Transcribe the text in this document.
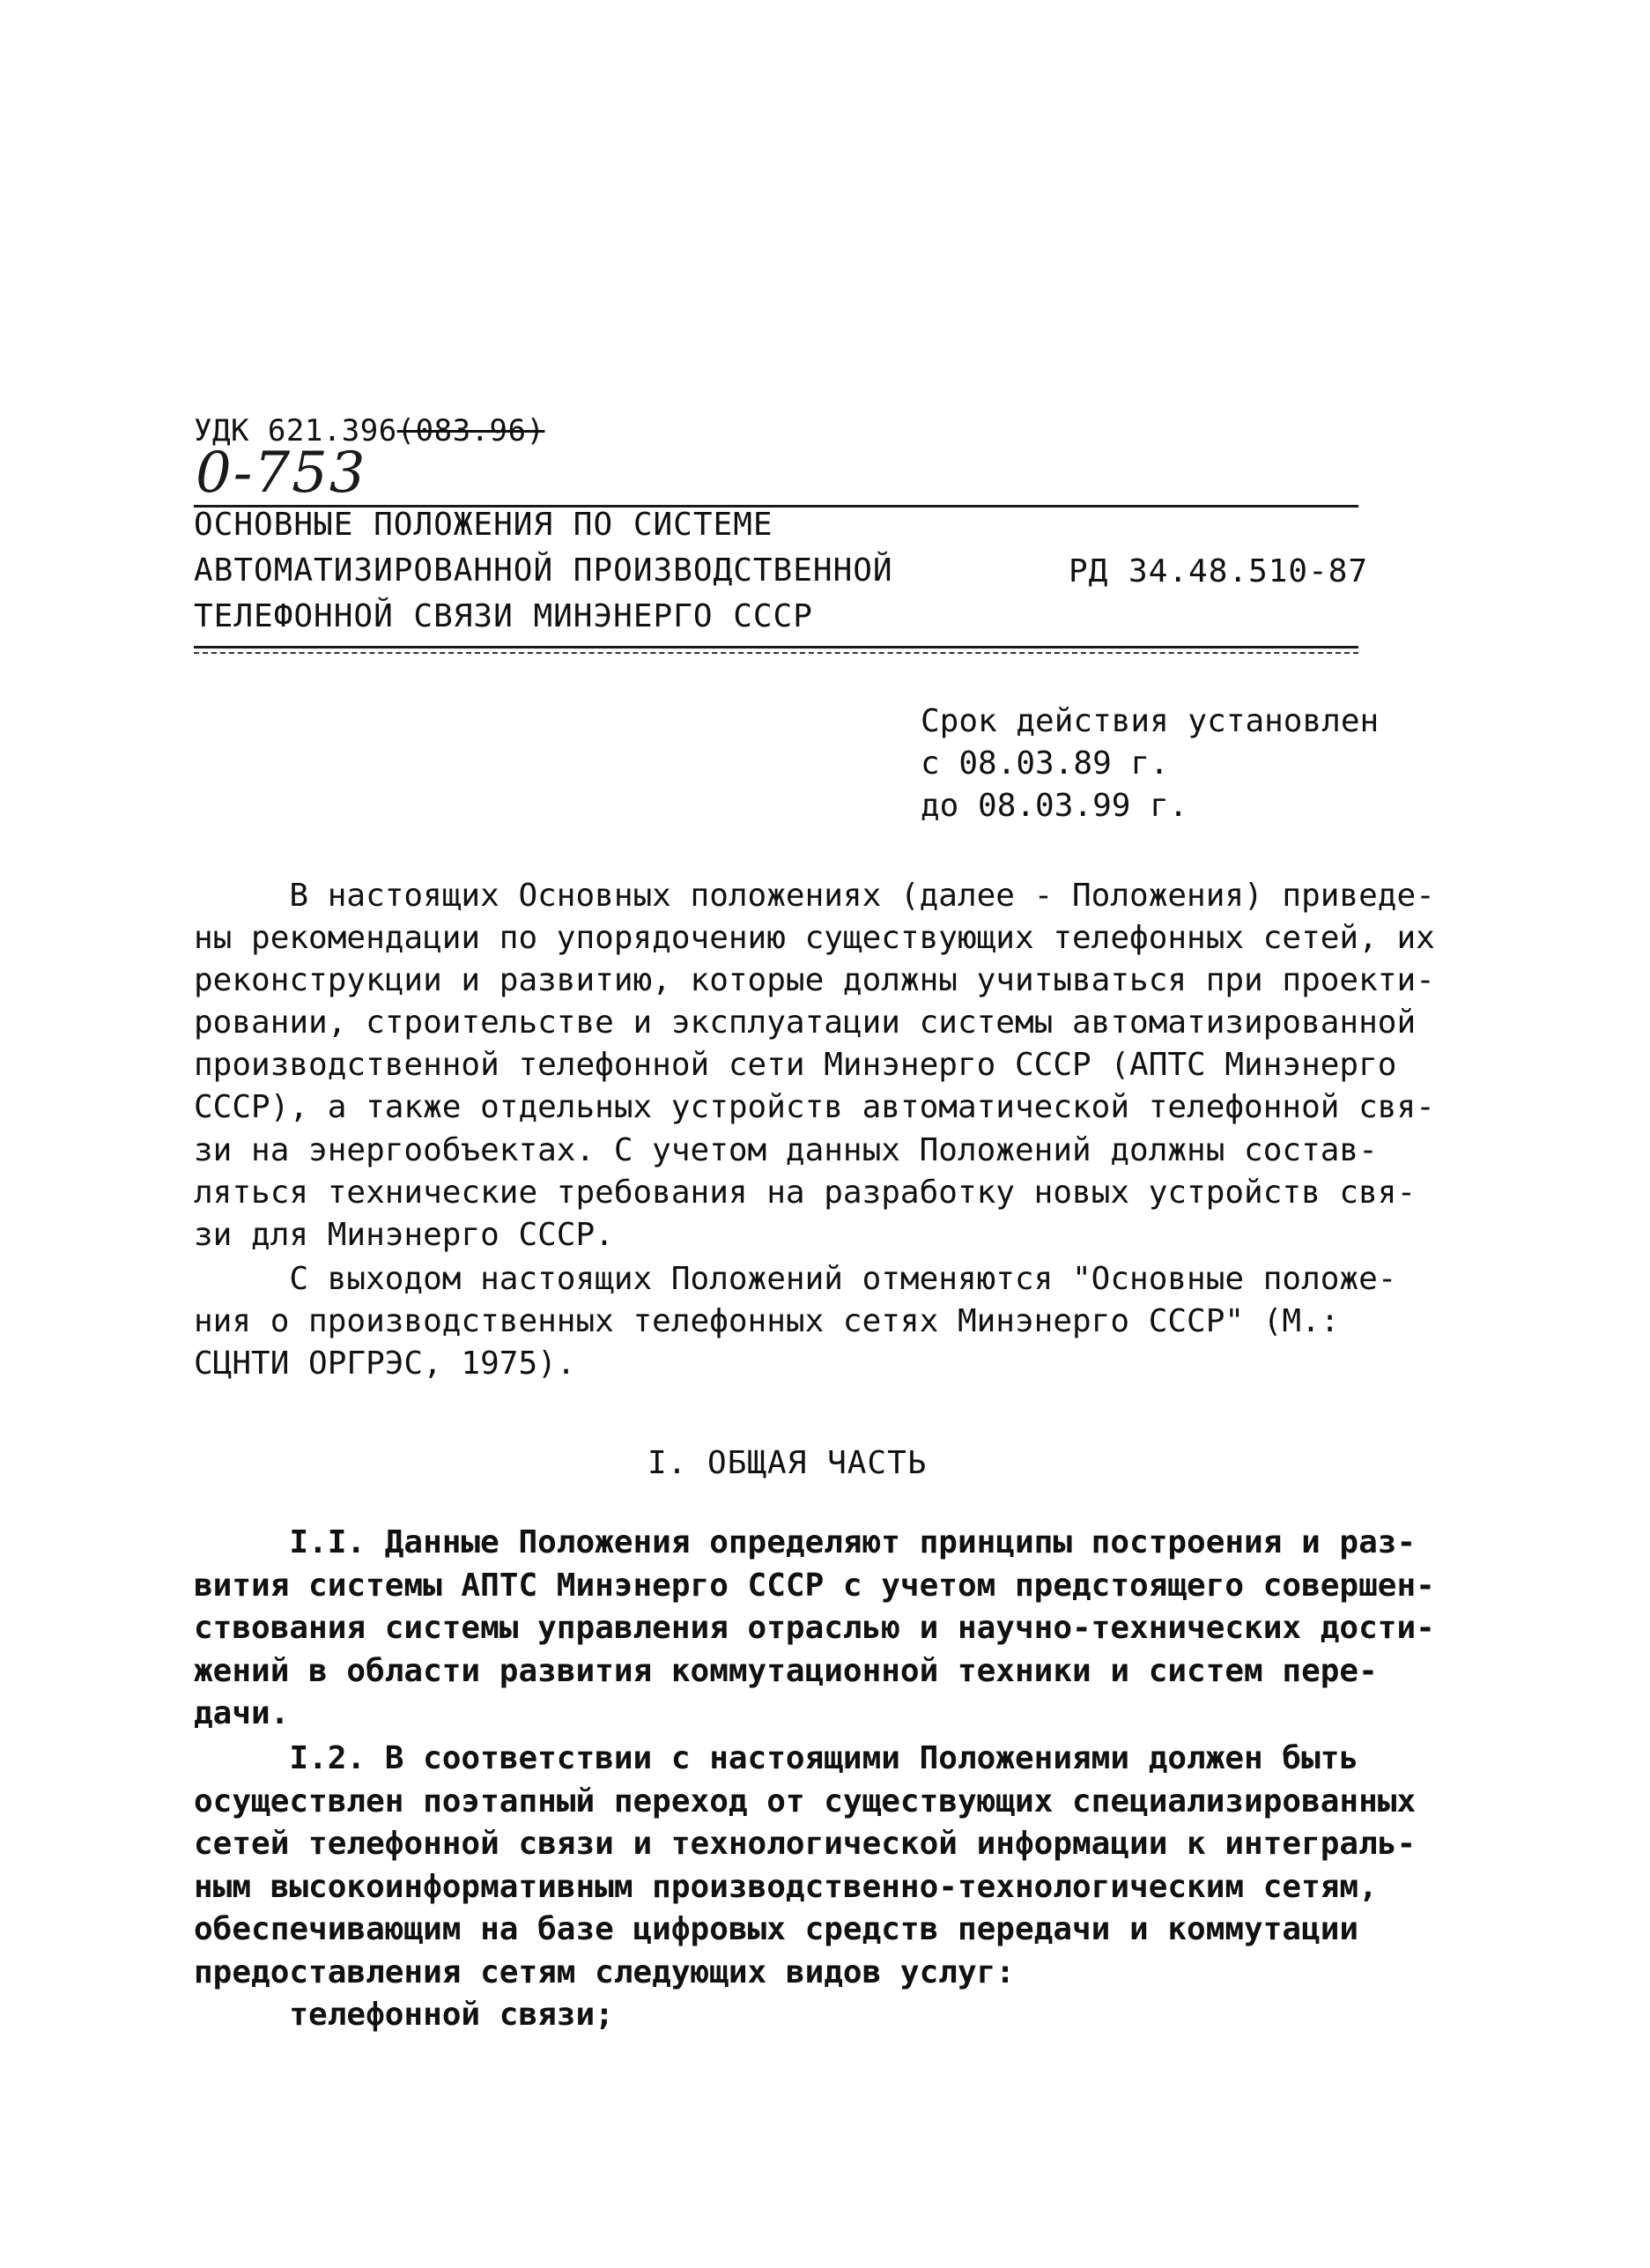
УДК 621.396(083.96)
0-753
ОСНОВНЫЕ ПОЛОЖЕНИЯ ПО СИСТЕМЕ
АВТОМАТИЗИРОВАННОЙ ПРОИЗВОДСТВЕННОЙ
ТЕЛЕФОННОЙ СВЯЗИ МИНЭНЕРГО СССР
РД 34.48.510-87
Срок действия установлен
с 08.03.89 г.
до 08.03.99 г.
В настоящих Основных положениях (далее - Положения) приведе-
ны рекомендации по упорядочению существующих телефонных сетей, их
реконструкции и развитию, которые должны учитываться при проекти-
ровании, строительстве и эксплуатации системы автоматизированной
производственной телефонной сети Минэнерго СССР (АПТС Минэнерго
СССР), а также отдельных устройств автоматической телефонной свя-
зи на энергообъектах. С учетом данных Положений должны состав-
ляться технические требования на разработку новых устройств свя-
зи для Минэнерго СССР.
С выходом настоящих Положений отменяются "Основные положе-
ния о производственных телефонных сетях Минэнерго СССР" (М.:
СЦНТИ ОРГРЭС, 1975).
I. ОБЩАЯ ЧАСТЬ
I.I. Данные Положения определяют принципы построения и раз-
вития системы АПТС Минэнерго СССР с учетом предстоящего совершен-
ствования системы управления отраслью и научно-технических дости-
жений в области развития коммутационной техники и систем пере-
дачи.
I.2. В соответствии с настоящими Положениями должен быть
осуществлен поэтапный переход от существующих специализированных
сетей телефонной связи и технологической информации к интеграль-
ным высокоинформативным производственно-технологическим сетям,
обеспечивающим на базе цифровых средств передачи и коммутации
предоставления сетям следующих видов услуг:
телефонной связи;
